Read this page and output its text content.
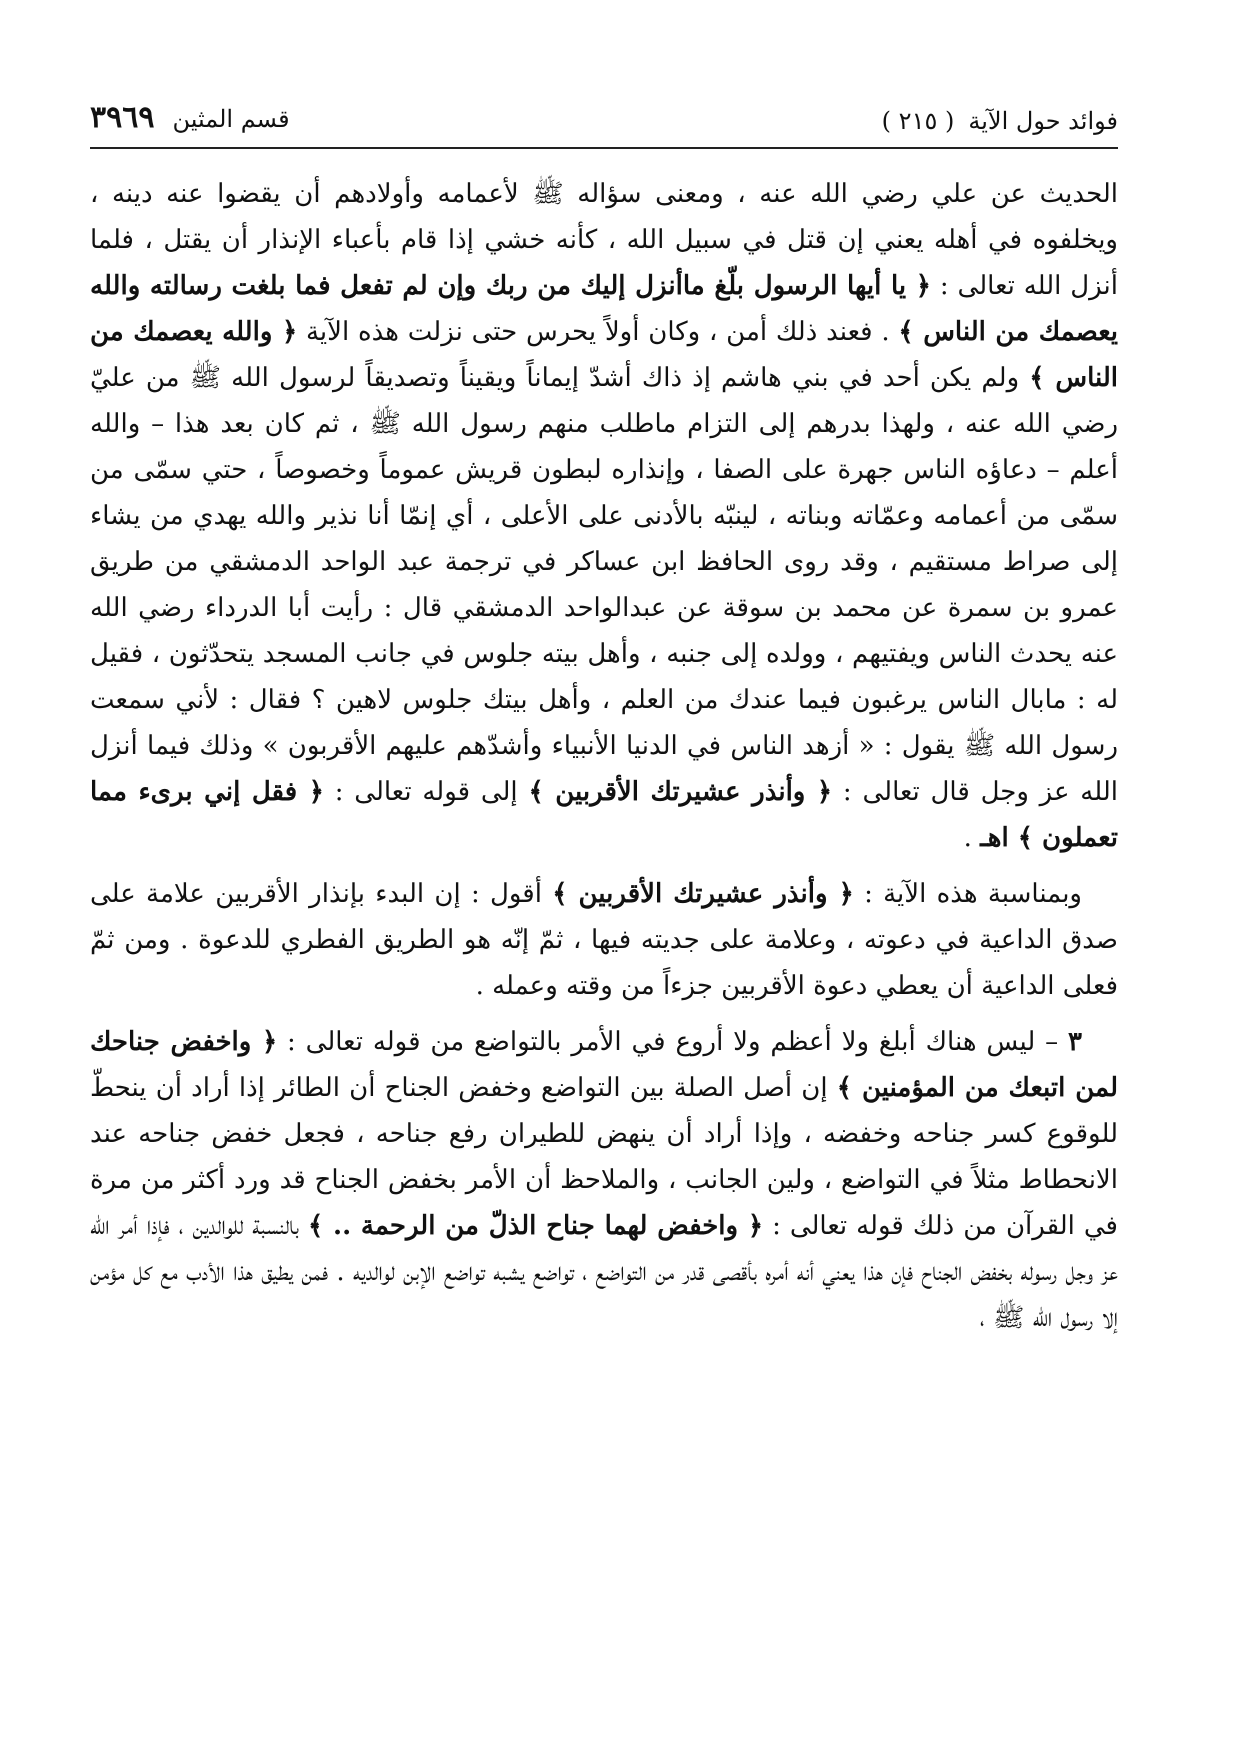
فوائد حول الآية
( ٢١٥ )
قسم المثين
٣٩٦٩

الحديث عن علي رضي الله عنه ، ومعنى سؤاله ﷺ لأعمامه وأولادهم أن يقضوا عنه دينه ، ويخلفوه في أهله يعني إن قتل في سبيل الله ، كأنه خشي إذا قام بأعباء الإنذار أن يقتل ، فلما أنزل الله تعالى : ﴿ يا أيها الرسول بلّغ ماأنزل إليك من ربك وإن لم تفعل فما بلغت رسالته والله يعصمك من الناس ﴾ . فعند ذلك أمن ، وكان أولاً يحرس حتى نزلت هذه الآية ﴿ والله يعصمك من الناس ﴾ ولم يكن أحد في بني هاشم إذ ذاك أشدّ إيماناً ويقيناً وتصديقاً لرسول الله ﷺ من عليّ رضي الله عنه ، ولهذا بدرهم إلى التزام ماطلب منهم رسول الله ﷺ ، ثم كان بعد هذا – والله أعلم – دعاؤه الناس جهرة على الصفا ، وإنذاره لبطون قريش عموماً وخصوصاً ، حتي سمّى من سمّى من أعمامه وعمّاته وبناته ، لينبّه بالأدنى على الأعلى ، أي إنمّا أنا نذير والله يهدي من يشاء إلى صراط مستقيم ، وقد روى الحافظ ابن عساكر في ترجمة عبد الواحد الدمشقي من طريق عمرو بن سمرة عن محمد بن سوقة عن عبدالواحد الدمشقي قال : رأيت أبا الدرداء رضي الله عنه يحدث الناس ويفتيهم ، وولده إلى جنبه ، وأهل بيته جلوس في جانب المسجد يتحدّثون ، فقيل له : مابال الناس يرغبون فيما عندك من العلم ، وأهل بيتك جلوس لاهين ؟ فقال : لأني سمعت رسول الله ﷺ يقول : « أزهد الناس في الدنيا الأنبياء وأشدّهم عليهم الأقربون » وذلك فيما أنزل الله عز وجل قال تعالى : ﴿ وأنذر عشيرتك الأقربين ﴾ إلى قوله تعالى : ﴿ فقل إني برىء مما تعملون ﴾ اهـ .

وبمناسبة هذه الآية : ﴿ وأنذر عشيرتك الأقربين ﴾ أقول : إن البدء بإنذار الأقربين علامة على صدق الداعية في دعوته ، وعلامة على جديته فيها ، ثمّ إنّه هو الطريق الفطري للدعوة . ومن ثمّ فعلى الداعية أن يعطي دعوة الأقربين جزءاً من وقته وعمله .

٣ – ليس هناك أبلغ ولا أعظم ولا أروع في الأمر بالتواضع من قوله تعالى : ﴿ واخفض جناحك لمن اتبعك من المؤمنين ﴾ إن أصل الصلة بين التواضع وخفض الجناح أن الطائر إذا أراد أن ينحطّ للوقوع كسر جناحه وخفضه ، وإذا أراد أن ينهض للطيران رفع جناحه ، فجعل خفض جناحه عند الانحطاط مثلاً في التواضع ، ولين الجانب ، والملاحظ أن الأمر بخفض الجناح قد ورد أكثر من مرة في القرآن من ذلك قوله تعالى : ﴿ واخفض لهما جناح الذلّ من الرحمة .. ﴾ بالنسبة للوالدين ، فإذا أمر الله عز وجل رسوله بخفض الجناح فإن هذا يعني أنه أمره بأقصى قدر من التواضع ، تواضع يشبه تواضع الإبن لوالديه . فمن يطيق هذا الأدب مع كل مؤمن إلا رسول الله ﷺ ،
